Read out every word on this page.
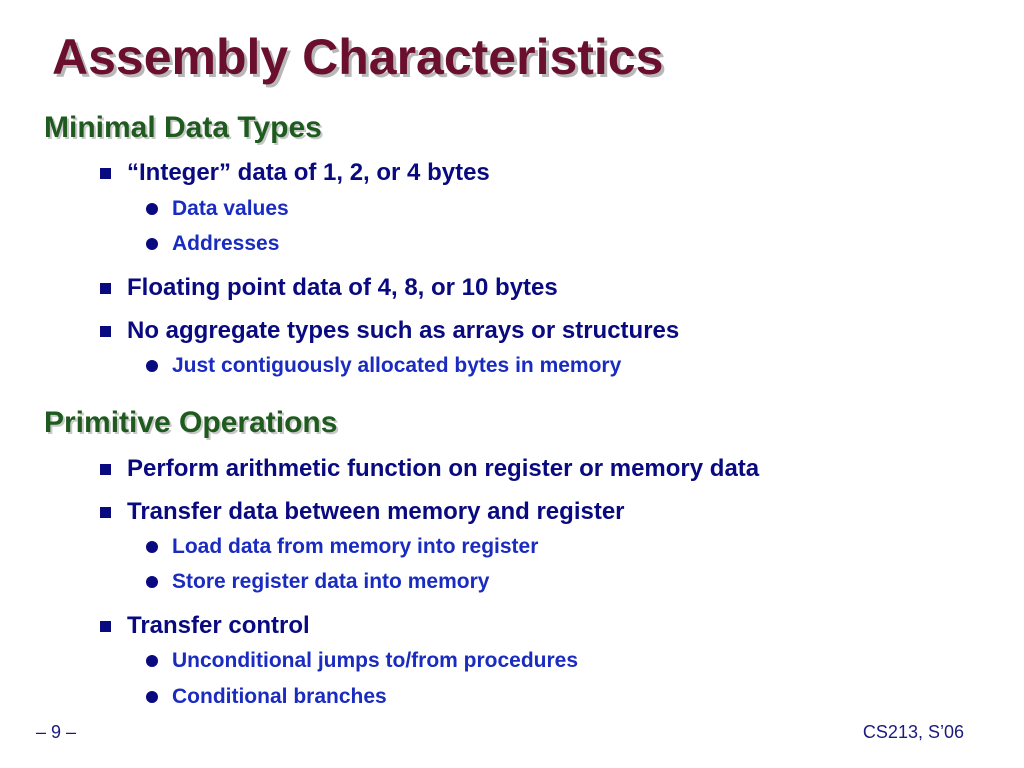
Assembly Characteristics
Minimal Data Types
“Integer” data of 1, 2, or 4 bytes
Data values
Addresses
Floating point data of 4, 8, or 10 bytes
No aggregate types such as arrays or structures
Just contiguously allocated bytes in memory
Primitive Operations
Perform arithmetic function on register or memory data
Transfer data between memory and register
Load data from memory into register
Store register data into memory
Transfer control
Unconditional jumps to/from procedures
Conditional branches
– 9 –	CS213, S’06
